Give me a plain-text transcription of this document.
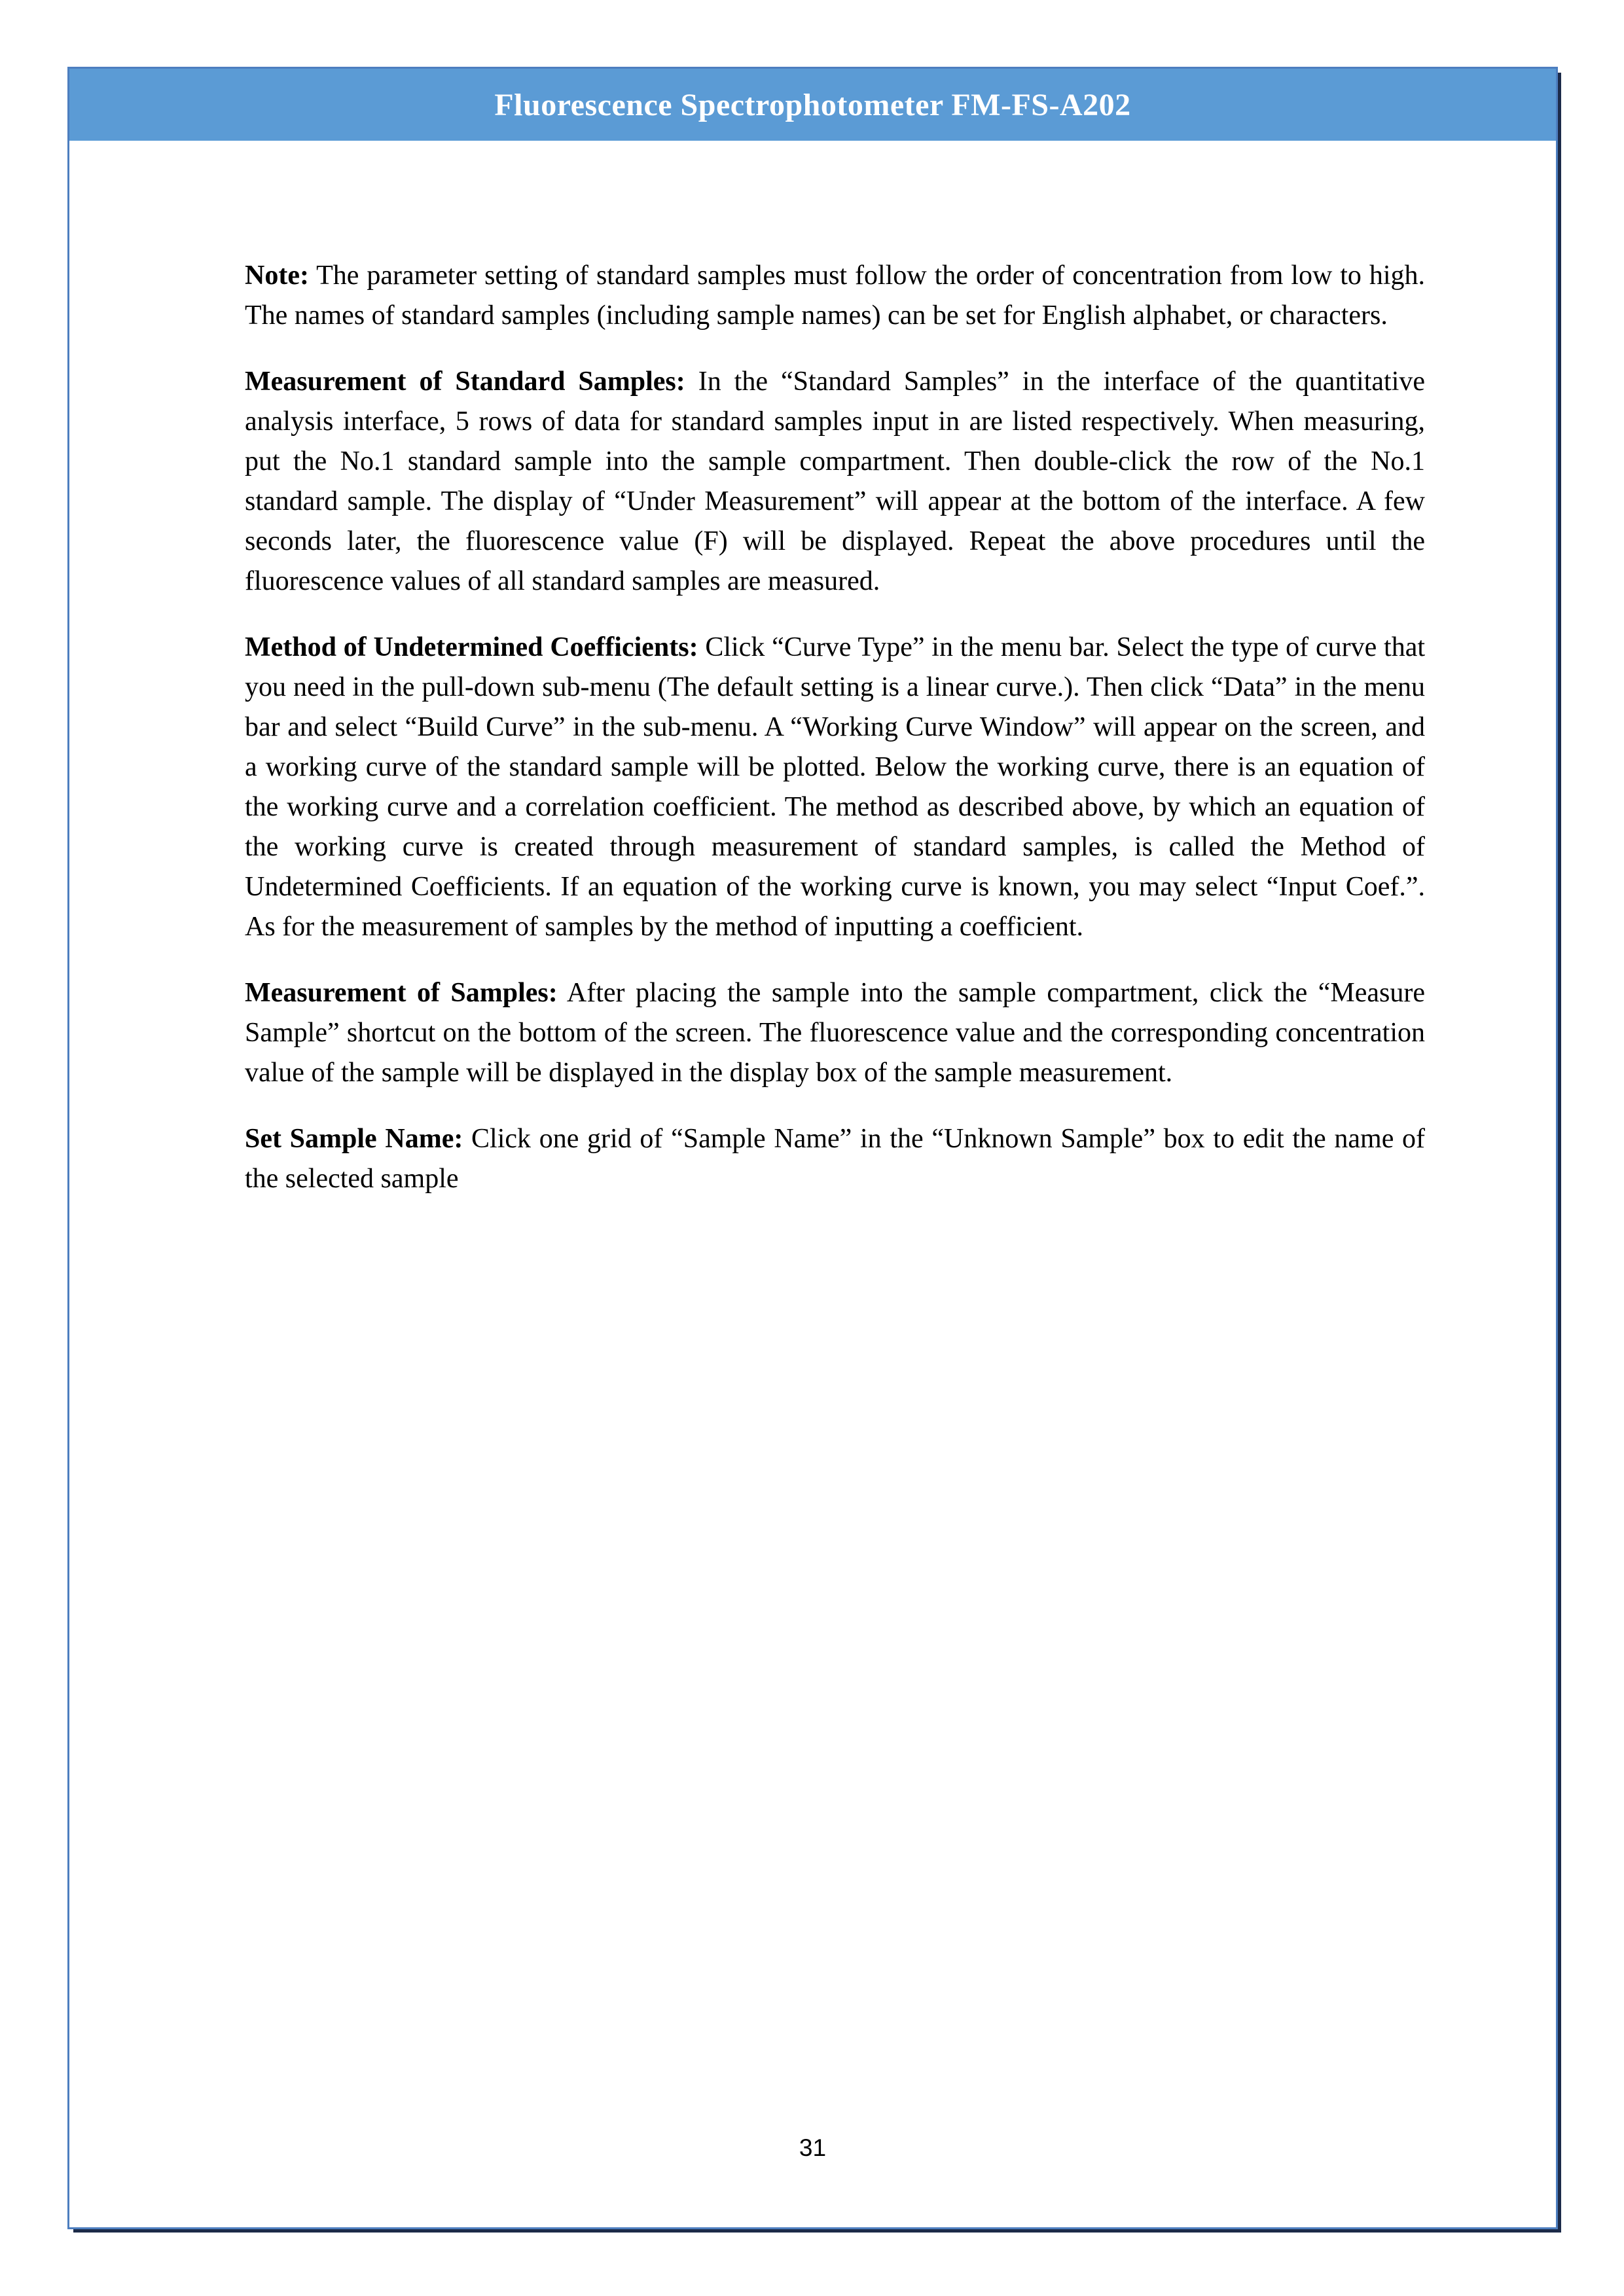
Fluorescence Spectrophotometer FM-FS-A202

Note: The parameter setting of standard samples must follow the order of concentration from low to high. The names of standard samples (including sample names) can be set for English alphabet, or characters.

Measurement of Standard Samples: In the “Standard Samples” in the interface of the quantitative analysis interface, 5 rows of data for standard samples input in are listed respectively. When measuring, put the No.1 standard sample into the sample compartment. Then double-click the row of the No.1 standard sample. The display of “Under Measurement” will appear at the bottom of the interface. A few seconds later, the fluorescence value (F) will be displayed. Repeat the above procedures until the fluorescence values of all standard samples are measured.

Method of Undetermined Coefficients: Click “Curve Type” in the menu bar. Select the type of curve that you need in the pull-down sub-menu (The default setting is a linear curve.). Then click “Data” in the menu bar and select “Build Curve” in the sub-menu. A “Working Curve Window” will appear on the screen, and a working curve of the standard sample will be plotted. Below the working curve, there is an equation of the working curve and a correlation coefficient. The method as described above, by which an equation of the working curve is created through measurement of standard samples, is called the Method of Undetermined Coefficients. If an equation of the working curve is known, you may select “Input Coef.”. As for the measurement of samples by the method of inputting a coefficient.

Measurement of Samples: After placing the sample into the sample compartment, click the “Measure Sample” shortcut on the bottom of the screen. The fluorescence value and the corresponding concentration value of the sample will be displayed in the display box of the sample measurement.

Set Sample Name: Click one grid of “Sample Name” in the “Unknown Sample” box to edit the name of the selected sample

31
